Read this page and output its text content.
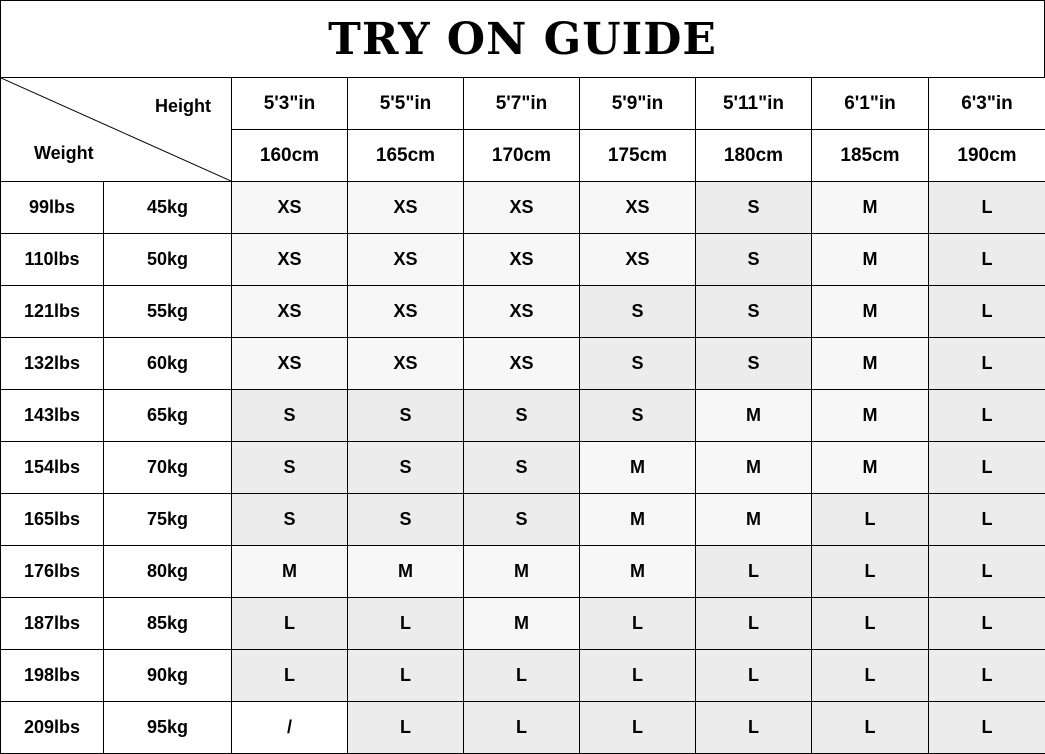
TRY ON GUIDE
Height
Weight		5'3"in	5'5"in	5'7"in	5'9"in	5'11"in	6'1"in	6'3"in
		160cm	165cm	170cm	175cm	180cm	185cm	190cm
99lbs	45kg	XS	XS	XS	XS	S	M	L
110lbs	50kg	XS	XS	XS	XS	S	M	L
121lbs	55kg	XS	XS	XS	S	S	M	L
132lbs	60kg	XS	XS	XS	S	S	M	L
143lbs	65kg	S	S	S	S	M	M	L
154lbs	70kg	S	S	S	M	M	M	L
165lbs	75kg	S	S	S	M	M	L	L
176lbs	80kg	M	M	M	M	L	L	L
187lbs	85kg	L	L	M	L	L	L	L
198lbs	90kg	L	L	L	L	L	L	L
209lbs	95kg	/	L	L	L	L	L	L
